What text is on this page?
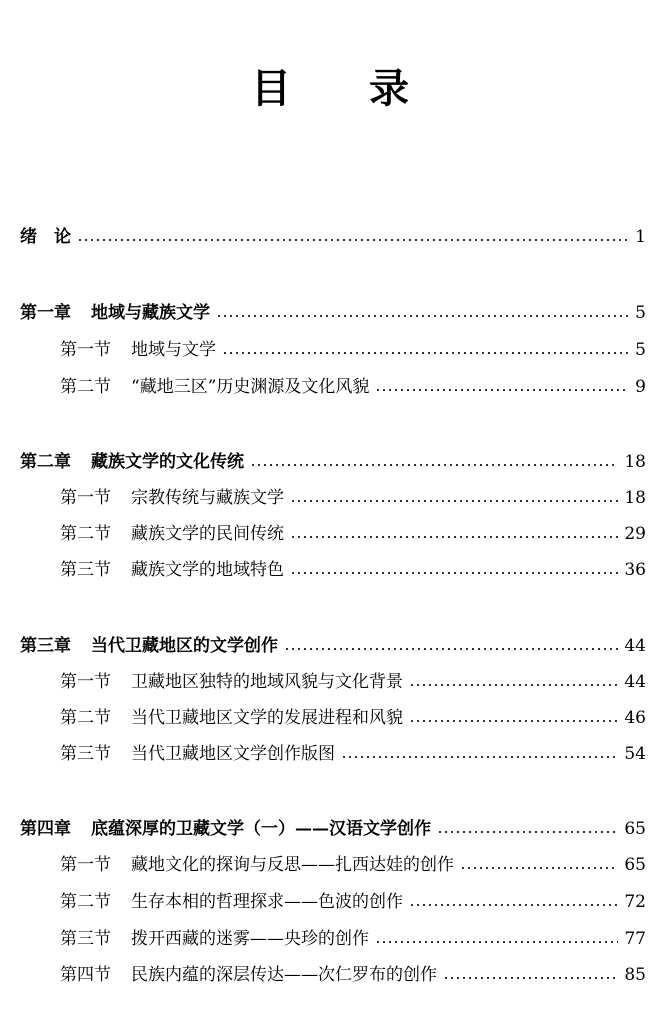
目 录
绪　论	1
第一章 地域与藏族文学	5
第一节 地域与文学	5
第二节 “藏地三区”历史渊源及文化风貌	9
第二章 藏族文学的文化传统	18
第一节 宗教传统与藏族文学	18
第二节 藏族文学的民间传统	29
第三节 藏族文学的地域特色	36
第三章 当代卫藏地区的文学创作	44
第一节 卫藏地区独特的地域风貌与文化背景	44
第二节 当代卫藏地区文学的发展进程和风貌	46
第三节 当代卫藏地区文学创作版图	54
第四章 底蕴深厚的卫藏文学（一）——汉语文学创作	65
第一节 藏地文化的探询与反思——扎西达娃的创作	65
第二节 生存本相的哲理探求——色波的创作	72
第三节 拨开西藏的迷雾——央珍的创作	77
第四节 民族内蕴的深层传达——次仁罗布的创作	85
